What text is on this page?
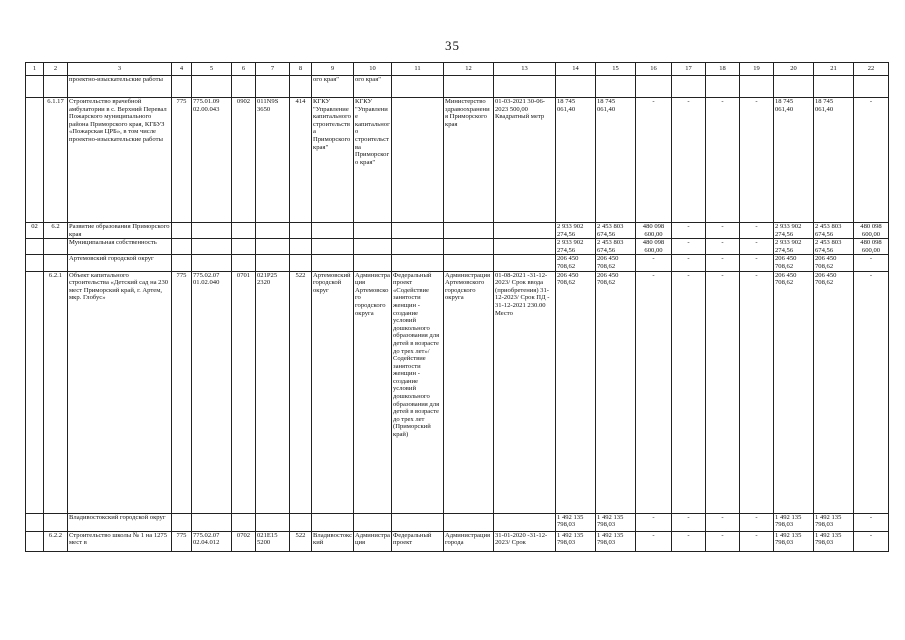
35
1	2	3	4	5	6	7	8	9	10	11	12	13	14	15	16	17	18	19	20	21	22
		проектно-изыскательские работы						ого края"	ого края"												
	6.1.17	Строительство врачебной амбулатории в с. Верхний Перевал Пожарского муниципального района Приморского края, КГБУЗ «Пожарская ЦРБ», в том числе проектно-изыскательские работы	775	775.01.09 02.00.043	0902	011N9S 3650	414	КГКУ "Управление капитального строительства Приморского края"	КГКУ "Управление капитального строительства Приморского края"		Министерство здравоохранения Приморского края	01-03-2021 30-06-2023 500,00 Квадратный метр	18 745 061,40	18 745 061,40	-	-	-	-	18 745 061,40	18 745 061,40	-
02	6.2	Развитие образования Приморского края											2 933 902 274,56	2 453 803 674,56	480 098 600,00	-	-	-	2 933 902 274,56	2 453 803 674,56	480 098 600,00
		Муниципальная собственность											2 933 902 274,56	2 453 803 674,56	480 098 600,00	-	-	-	2 933 902 274,56	2 453 803 674,56	480 098 600,00
		Артемовский городской округ											206 450 708,62	206 450 708,62	-	-	-	-	206 450 708,62	206 450 708,62	-
	6.2.1	Объект капитального строительства «Детский сад на 230 мест Приморский край, г. Артем, мкр. Глобус»	775	775.02.07 01.02.040	0701	021P25 2320	522	Артемовский городской округ	Администрация Артемовского городского округа	Федеральный проект «Содействие занятости женщин - создание условий дошкольного образования для детей в возрасте до трех лет»/Содействие занятости женщин - создание условий дошкольного образования для детей в возрасте до трех лет (Приморский край)	Администрация Артемовского городского округа	01-08-2021 -31-12-2023/ Срок ввода (приобретения) 31-12-2023/ Срок ПД - 31-12-2021 230.00 Место	206 450 708,62	206 450 708,62	-	-	-	-	206 450 708,62	206 450 708,62	-
		Владивостокский городской округ											1 492 135 798,03	1 492 135 798,03	-	-	-	-	1 492 135 798,03	1 492 135 798,03	-
	6.2.2	Строительство школы № 1 на 1275 мест в	775	775.02.07 02.04.012	0702	021E15 5200	522	Владивостокский	Администрация	Федеральный проект	Администрация города	31-01-2020 -31-12-2023/ Срок	1 492 135 798,03	1 492 135 798,03	-	-	-	-	1 492 135 798,03	1 492 135 798,03	-
